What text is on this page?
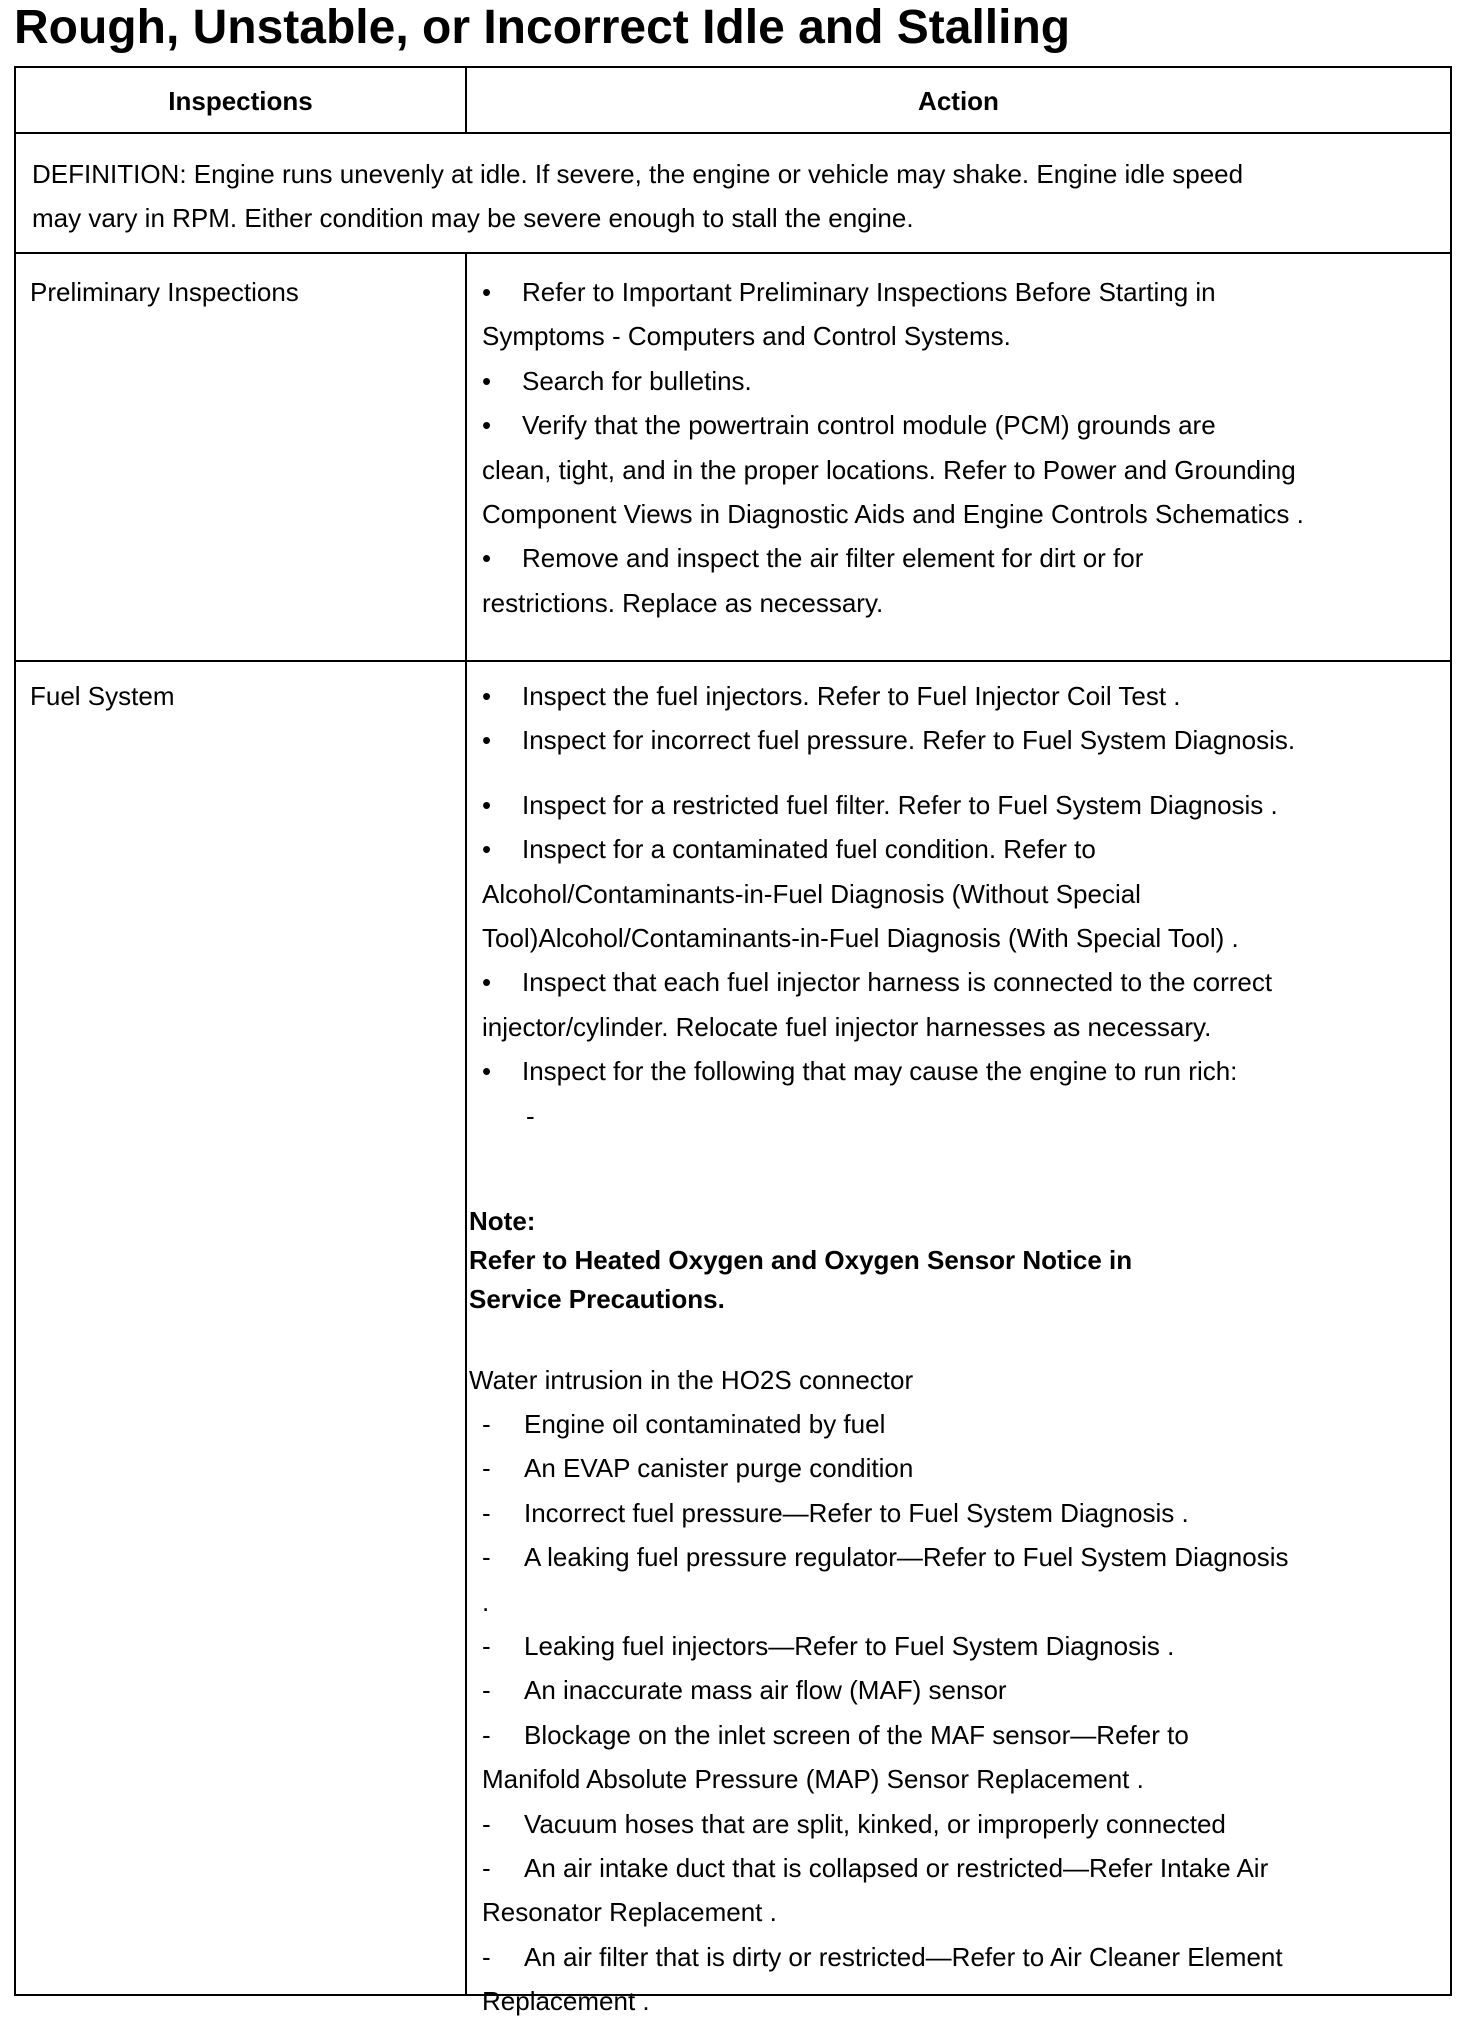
Rough, Unstable, or Incorrect Idle and Stalling
Inspections	Action
DEFINITION: Engine runs unevenly at idle. If severe, the engine or vehicle may shake. Engine idle speed
may vary in RPM. Either condition may be severe enough to stall the engine.
Preliminary Inspections	• Refer to Important Preliminary Inspections Before Starting in
Symptoms - Computers and Control Systems.
• Search for bulletins.
• Verify that the powertrain control module (PCM) grounds are
clean, tight, and in the proper locations. Refer to Power and Grounding
Component Views in Diagnostic Aids and Engine Controls Schematics .
• Remove and inspect the air filter element for dirt or for
restrictions. Replace as necessary.
Fuel System	• Inspect the fuel injectors. Refer to Fuel Injector Coil Test .
• Inspect for incorrect fuel pressure. Refer to Fuel System Diagnosis.
• Inspect for a restricted fuel filter. Refer to Fuel System Diagnosis .
• Inspect for a contaminated fuel condition. Refer to
Alcohol/Contaminants-in-Fuel Diagnosis (Without Special
Tool)Alcohol/Contaminants-in-Fuel Diagnosis (With Special Tool) .
• Inspect that each fuel injector harness is connected to the correct
injector/cylinder. Relocate fuel injector harnesses as necessary.
• Inspect for the following that may cause the engine to run rich:
-
Note:
Refer to Heated Oxygen and Oxygen Sensor Notice in
Service Precautions.
Water intrusion in the HO2S connector
- Engine oil contaminated by fuel
- An EVAP canister purge condition
- Incorrect fuel pressure—Refer to Fuel System Diagnosis .
- A leaking fuel pressure regulator—Refer to Fuel System Diagnosis
.
- Leaking fuel injectors—Refer to Fuel System Diagnosis .
- An inaccurate mass air flow (MAF) sensor
- Blockage on the inlet screen of the MAF sensor—Refer to
Manifold Absolute Pressure (MAP) Sensor Replacement .
- Vacuum hoses that are split, kinked, or improperly connected
- An air intake duct that is collapsed or restricted—Refer Intake Air
Resonator Replacement .
- An air filter that is dirty or restricted—Refer to Air Cleaner Element
Replacement .
